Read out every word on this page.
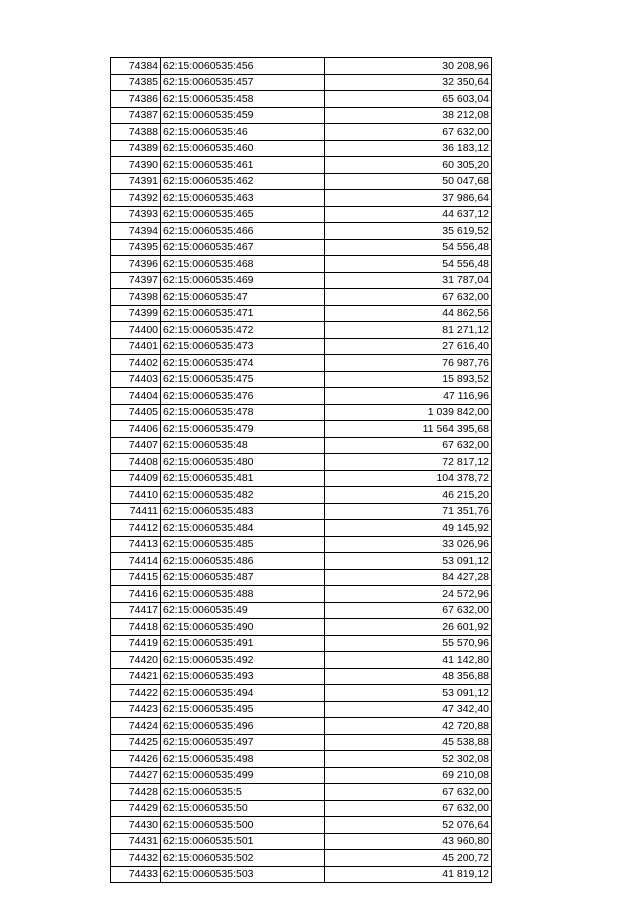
74384	62:15:0060535:456	30 208,96
74385	62:15:0060535:457	32 350,64
74386	62:15:0060535:458	65 603,04
74387	62:15:0060535:459	38 212,08
74388	62:15:0060535:46	67 632,00
74389	62:15:0060535:460	36 183,12
74390	62:15:0060535:461	60 305,20
74391	62:15:0060535:462	50 047,68
74392	62:15:0060535:463	37 986,64
74393	62:15:0060535:465	44 637,12
74394	62:15:0060535:466	35 619,52
74395	62:15:0060535:467	54 556,48
74396	62:15:0060535:468	54 556,48
74397	62:15:0060535:469	31 787,04
74398	62:15:0060535:47	67 632,00
74399	62:15:0060535:471	44 862,56
74400	62:15:0060535:472	81 271,12
74401	62:15:0060535:473	27 616,40
74402	62:15:0060535:474	76 987,76
74403	62:15:0060535:475	15 893,52
74404	62:15:0060535:476	47 116,96
74405	62:15:0060535:478	1 039 842,00
74406	62:15:0060535:479	11 564 395,68
74407	62:15:0060535:48	67 632,00
74408	62:15:0060535:480	72 817,12
74409	62:15:0060535:481	104 378,72
74410	62:15:0060535:482	46 215,20
74411	62:15:0060535:483	71 351,76
74412	62:15:0060535:484	49 145,92
74413	62:15:0060535:485	33 026,96
74414	62:15:0060535:486	53 091,12
74415	62:15:0060535:487	84 427,28
74416	62:15:0060535:488	24 572,96
74417	62:15:0060535:49	67 632,00
74418	62:15:0060535:490	26 601,92
74419	62:15:0060535:491	55 570,96
74420	62:15:0060535:492	41 142,80
74421	62:15:0060535:493	48 356,88
74422	62:15:0060535:494	53 091,12
74423	62:15:0060535:495	47 342,40
74424	62:15:0060535:496	42 720,88
74425	62:15:0060535:497	45 538,88
74426	62:15:0060535:498	52 302,08
74427	62:15:0060535:499	69 210,08
74428	62:15:0060535:5	67 632,00
74429	62:15:0060535:50	67 632,00
74430	62:15:0060535:500	52 076,64
74431	62:15:0060535:501	43 960,80
74432	62:15:0060535:502	45 200,72
74433	62:15:0060535:503	41 819,12
